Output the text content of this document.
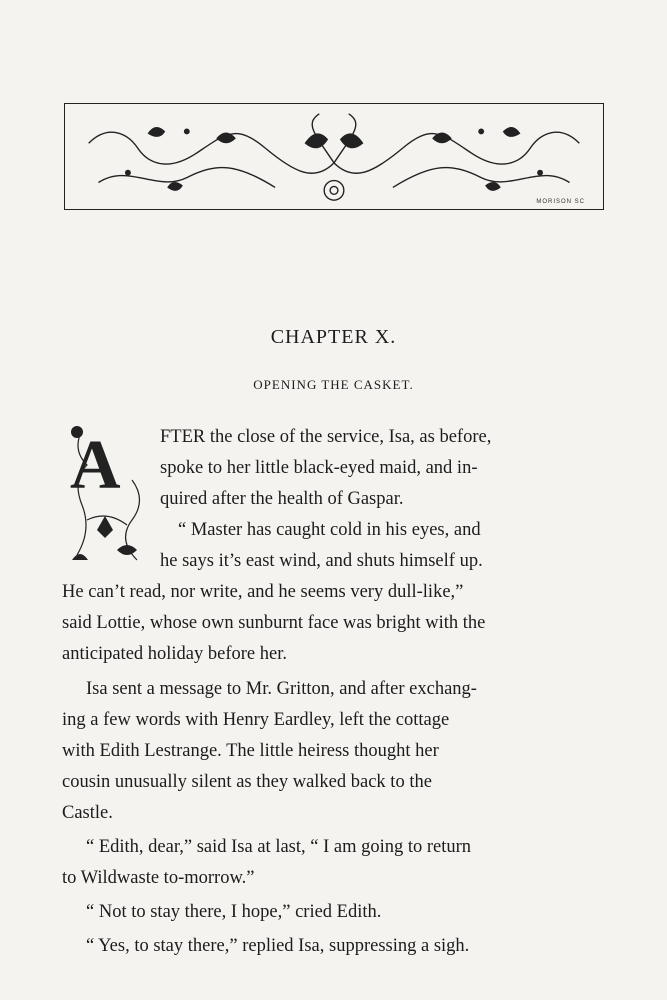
MORISON SC
CHAPTER X.
OPENING THE CASKET.
A FTER the close of the service, Isa, as before,
spoke to her little black-eyed maid, and in-
quired after the health of Gaspar.
“ Master has caught cold in his eyes, and
he says it’s east wind, and shuts himself up.
He can’t read, nor write, and he seems very dull-like,”
said Lottie, whose own sunburnt face was bright with the
anticipated holiday before her.
Isa sent a message to Mr. Gritton, and after exchang-
ing a few words with Henry Eardley, left the cottage
with Edith Lestrange. The little heiress thought her
cousin unusually silent as they walked back to the
Castle.
“ Edith, dear,” said Isa at last, “ I am going to return
to Wildwaste to-morrow.”
“ Not to stay there, I hope,” cried Edith.
“ Yes, to stay there,” replied Isa, suppressing a sigh.
